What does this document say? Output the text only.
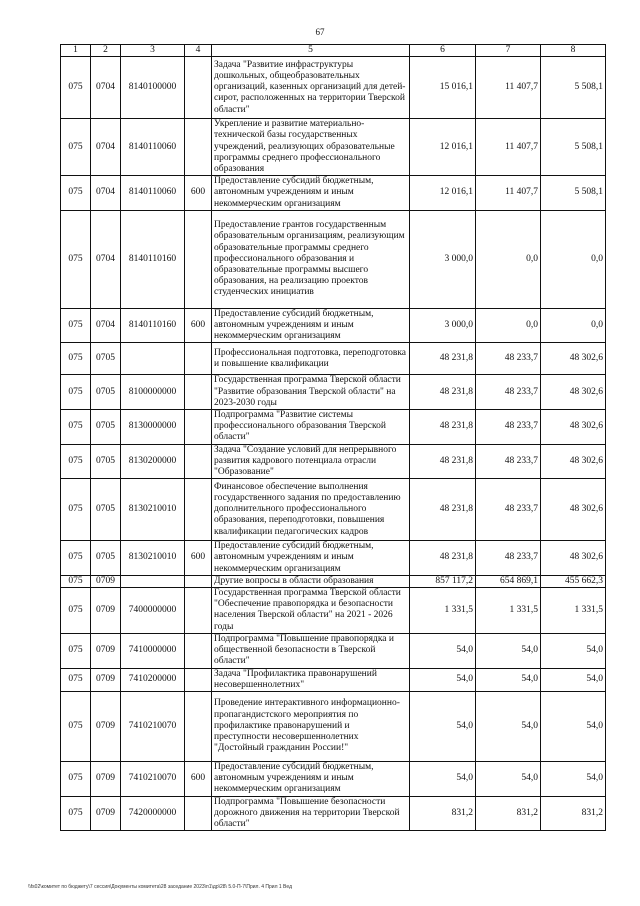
67
1	2	3	4	5	6	7	8
075	0704	8140100000		Задача "Развитие инфраструктуры дошкольных, общеобразовательных организаций, казенных организаций для детей-сирот, расположенных на территории Тверской области"	15 016,1	11 407,7	5 508,1
075	0704	8140110060		Укрепление и развитие материально-технической базы государственных учреждений, реализующих образовательные программы среднего профессионального образования	12 016,1	11 407,7	5 508,1
075	0704	8140110060	600	Предоставление субсидий бюджетным, автономным учреждениям и иным некоммерческим организациям	12 016,1	11 407,7	5 508,1
075	0704	8140110160		Предоставление грантов государственным образовательным организациям, реализующим образовательные программы среднего профессионального образования и образовательные программы высшего образования, на реализацию проектов студенческих инициатив	3 000,0	0,0	0,0
075	0704	8140110160	600	Предоставление субсидий бюджетным, автономным учреждениям и иным некоммерческим организациям	3 000,0	0,0	0,0
075	0705			Профессиональная подготовка, переподготовка и повышение квалификации	48 231,8	48 233,7	48 302,6
075	0705	8100000000		Государственная программа Тверской области "Развитие образования Тверской области" на 2023-2030 годы	48 231,8	48 233,7	48 302,6
075	0705	8130000000		Подпрограмма "Развитие системы профессионального образования Тверской области"	48 231,8	48 233,7	48 302,6
075	0705	8130200000		Задача "Создание условий для непрерывного развития кадрового потенциала отрасли "Образование"	48 231,8	48 233,7	48 302,6
075	0705	8130210010		Финансовое обеспечение выполнения государственного задания по предоставлению дополнительного профессионального образования, переподготовки, повышения квалификации педагогических кадров	48 231,8	48 233,7	48 302,6
075	0705	8130210010	600	Предоставление субсидий бюджетным, автономным учреждениям и иным некоммерческим организациям	48 231,8	48 233,7	48 302,6
075	0709			Другие вопросы в области образования	857 117,2	654 869,1	455 662,3
075	0709	7400000000		Государственная программа Тверской области "Обеспечение правопорядка и безопасности населения Тверской области" на 2021 - 2026 годы	1 331,5	1 331,5	1 331,5
075	0709	7410000000		Подпрограмма "Повышение правопорядка и общественной безопасности в Тверской области"	54,0	54,0	54,0
075	0709	7410200000		Задача "Профилактика правонарушений несовершеннолетних"	54,0	54,0	54,0
075	0709	7410210070		Проведение интерактивного информационно-пропагандистского мероприятия по профилактике правонарушений и преступности несовершеннолетних "Достойный гражданин России!"	54,0	54,0	54,0
075	0709	7410210070	600	Предоставление субсидий бюджетным, автономным учреждениям и иным некоммерческим организациям	54,0	54,0	54,0
075	0709	7420000000		Подпрограмма "Повышение безопасности дорожного движения на территории Тверской области"	831,2	831,2	831,2
\\fs02\комитет по бюджету\7 сессия\Документы комитета\28 заседание 2023\п1\др\28\ 5.0-П-7\Прил. 4 Прил 1 Вед
